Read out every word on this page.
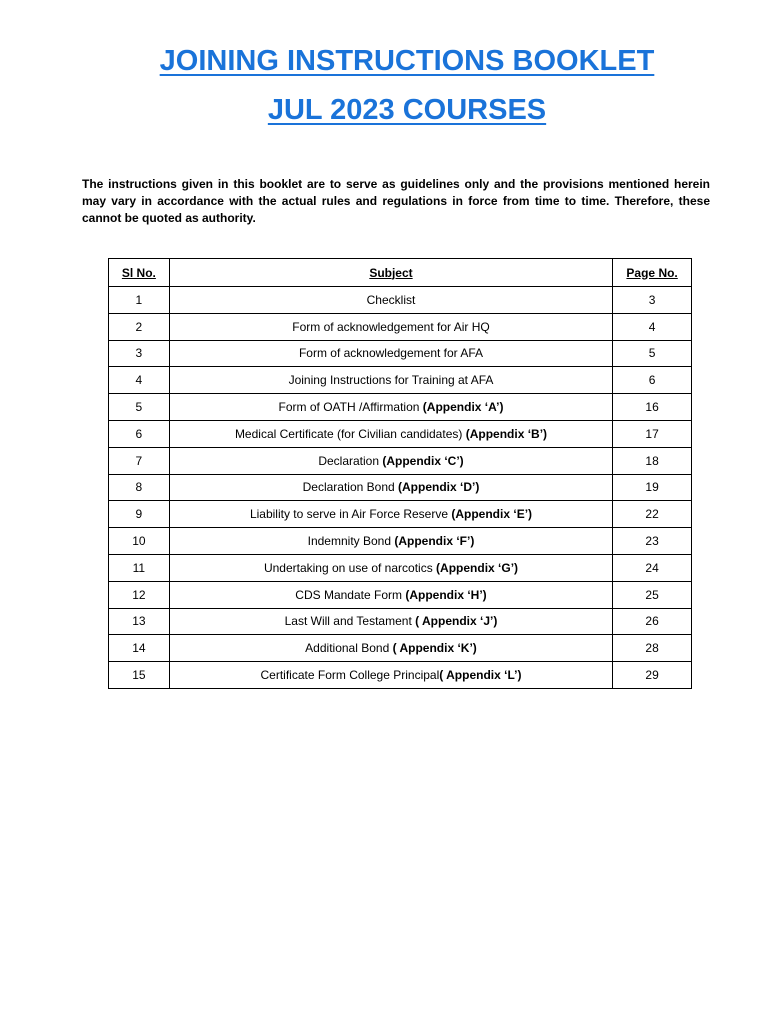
JOINING INSTRUCTIONS BOOKLET
JUL 2023 COURSES
The instructions given in this booklet are to serve as guidelines only and the provisions mentioned herein may vary in accordance with the actual rules and regulations in force from time to time. Therefore, these cannot be quoted as authority.
Sl No.	Subject	Page No.
1	Checklist	3
2	Form of acknowledgement for Air HQ	4
3	Form of acknowledgement for AFA	5
4	Joining Instructions for Training at AFA	6
5	Form of OATH /Affirmation (Appendix ‘A’)	16
6	Medical Certificate (for Civilian candidates) (Appendix ‘B’)	17
7	Declaration (Appendix ‘C’)	18
8	Declaration Bond (Appendix ‘D’)	19
9	Liability to serve in Air Force Reserve (Appendix ‘E’)	22
10	Indemnity Bond (Appendix ‘F’)	23
11	Undertaking on use of narcotics (Appendix ‘G’)	24
12	CDS Mandate Form (Appendix ‘H’)	25
13	Last Will and Testament ( Appendix ‘J’)	26
14	Additional Bond ( Appendix ‘K’)	28
15	Certificate Form College Principal( Appendix ‘L’)	29
